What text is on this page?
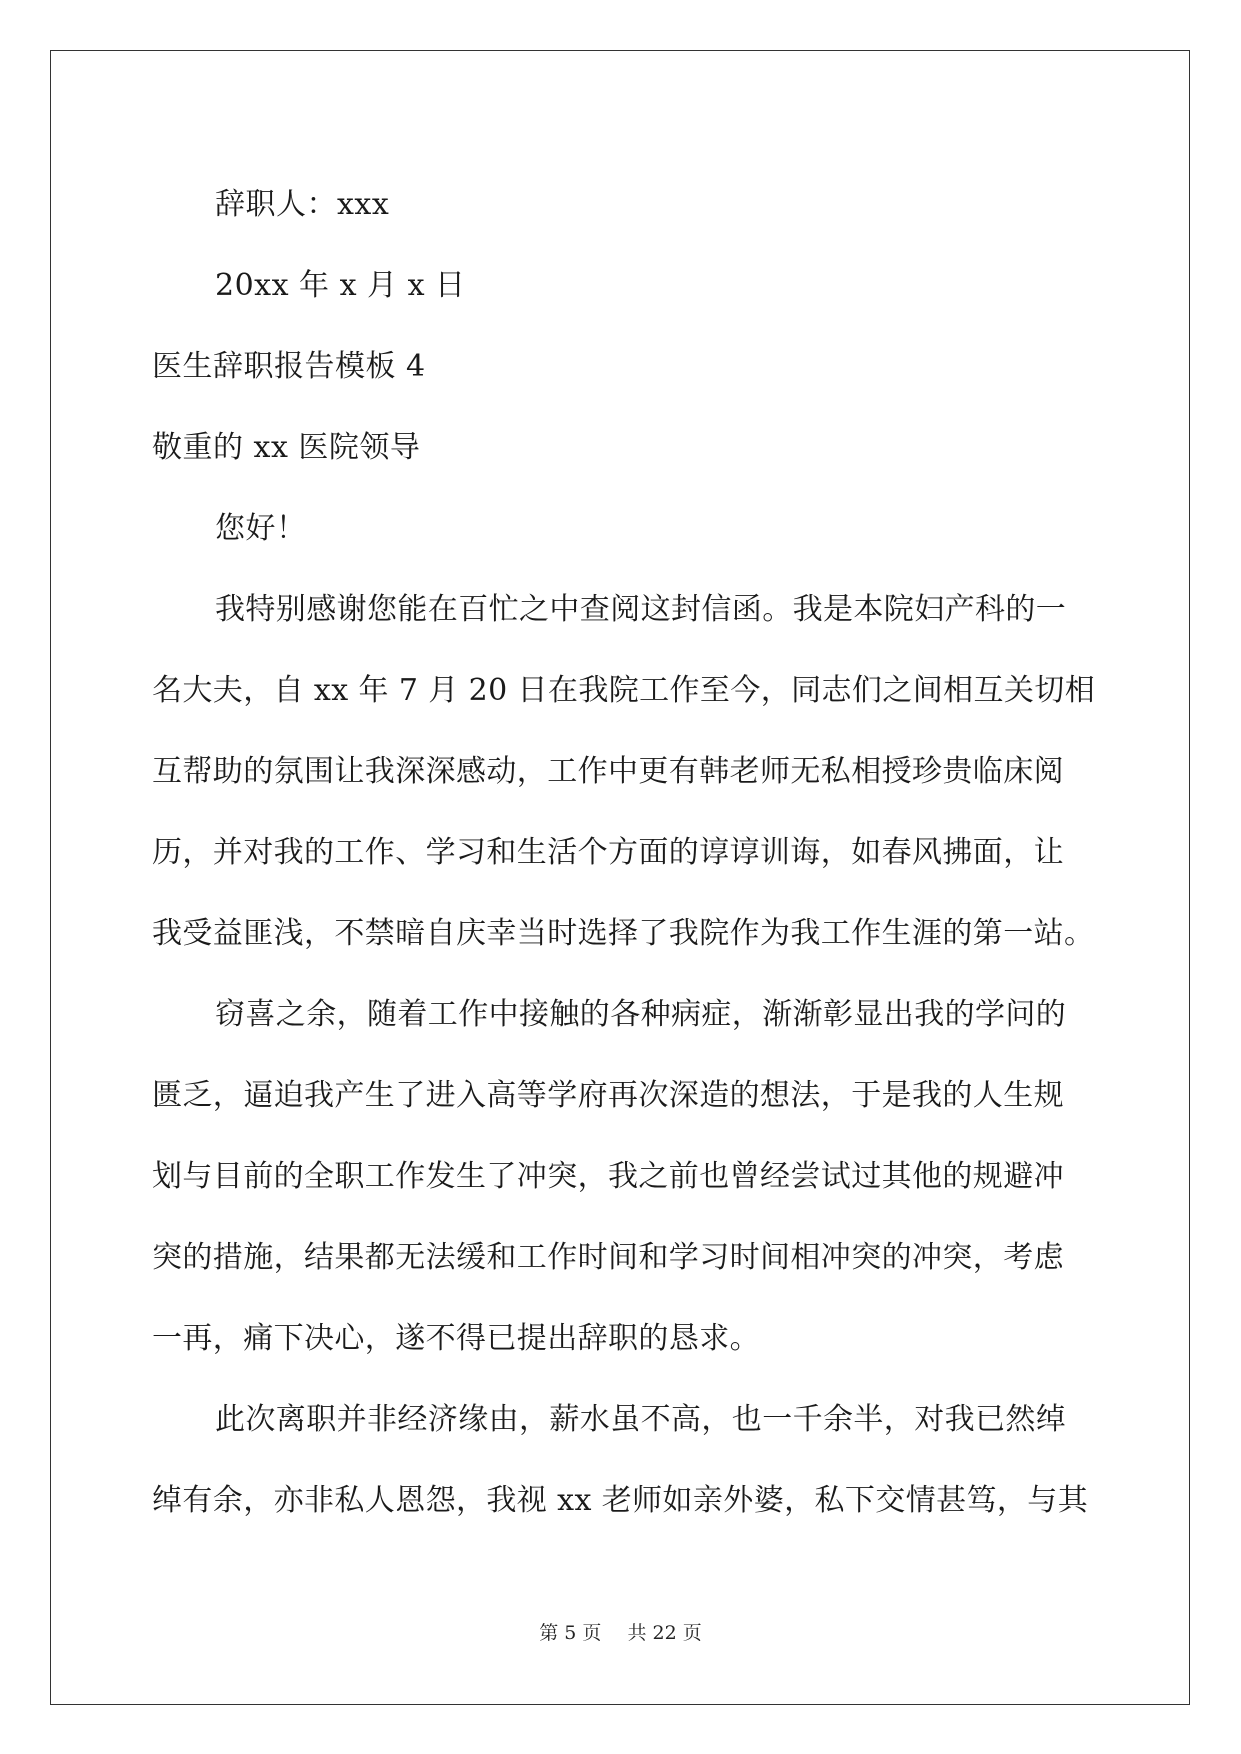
辞职人：xxx
20xx 年 x 月 x 日
医生辞职报告模板 4
敬重的 xx 医院领导
您好！
我特别感谢您能在百忙之中查阅这封信函。我是本院妇产科的一
名大夫，自 xx 年 7 月 20 日在我院工作至今，同志们之间相互关切相
互帮助的氛围让我深深感动，工作中更有韩老师无私相授珍贵临床阅
历，并对我的工作、学习和生活个方面的谆谆训诲，如春风拂面，让
我受益匪浅，不禁暗自庆幸当时选择了我院作为我工作生涯的第一站。
窃喜之余，随着工作中接触的各种病症，渐渐彰显出我的学问的
匮乏，逼迫我产生了进入高等学府再次深造的想法，于是我的人生规
划与目前的全职工作发生了冲突，我之前也曾经尝试过其他的规避冲
突的措施，结果都无法缓和工作时间和学习时间相冲突的冲突，考虑
一再，痛下决心，遂不得已提出辞职的恳求。
此次离职并非经济缘由，薪水虽不高，也一千余半，对我已然绰
绰有余，亦非私人恩怨，我视 xx 老师如亲外婆，私下交情甚笃，与其
第 5 页 共 22 页
